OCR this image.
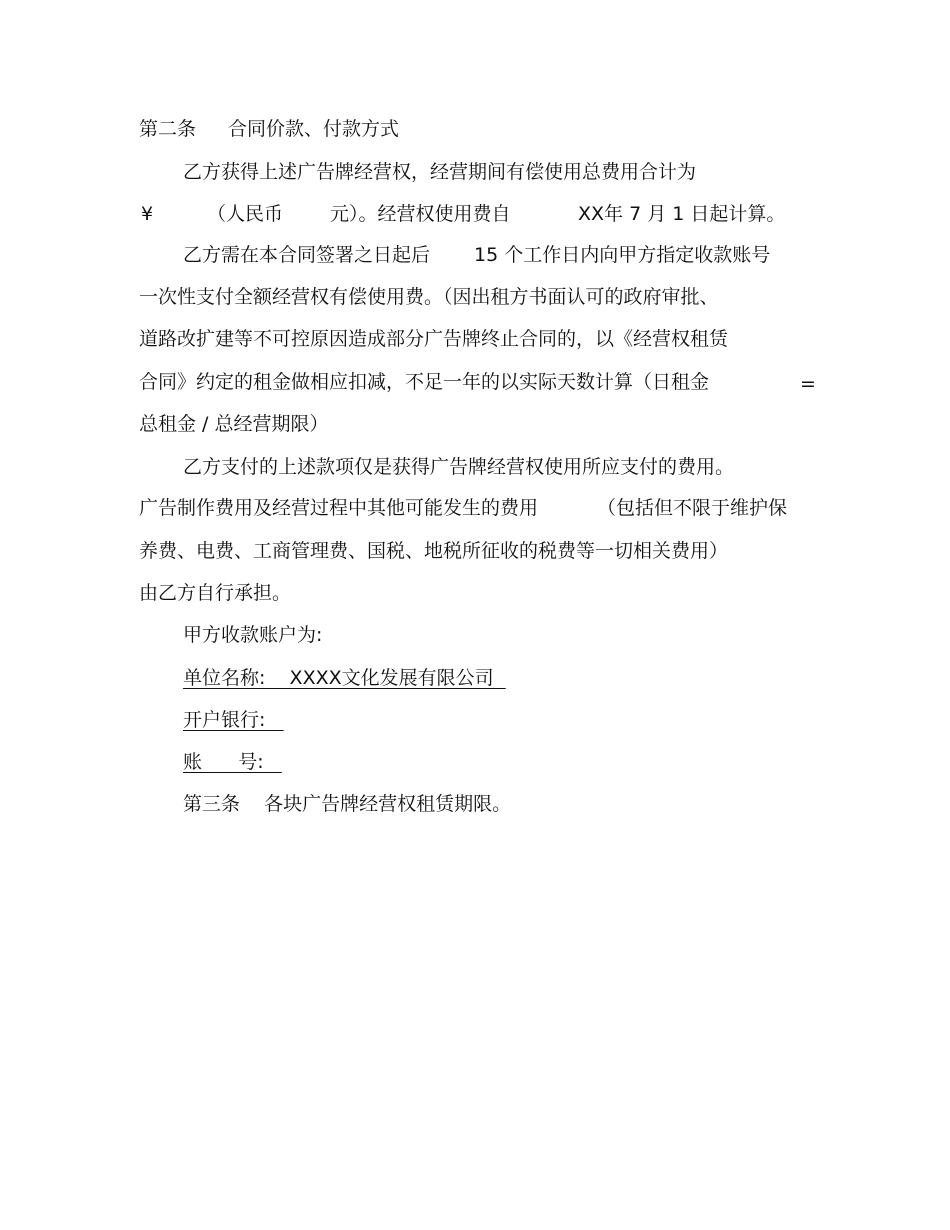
第二条 合同价款、付款方式
乙方获得上述广告牌经营权，经营期间有偿使用总费用合计为
¥	（人民币 元）。经营权使用费自	XX年 7 月 1 日起计算。
乙方需在本合同签署之日起后 15 个工作日内向甲方指定收款账号
一次性支付全额经营权有偿使用费。（因出租方书面认可的政府审批、
道路改扩建等不可控原因造成部分广告牌终止合同的，以《经营权租赁
合同》约定的租金做相应扣减，不足一年的以实际天数计算（日租金	=
总租金 / 总经营期限）
乙方支付的上述款项仅是获得广告牌经营权使用所应支付的费用。
广告制作费用及经营过程中其他可能发生的费用	（包括但不限于维护保
养费、电费、工商管理费、国税、地税所征收的税费等一切相关费用）
由乙方自行承担。
甲方收款账户为:
单位名称:    XXXX文化发展有限公司
开户银行:
账      号:
第三条    各块广告牌经营权租赁期限。
